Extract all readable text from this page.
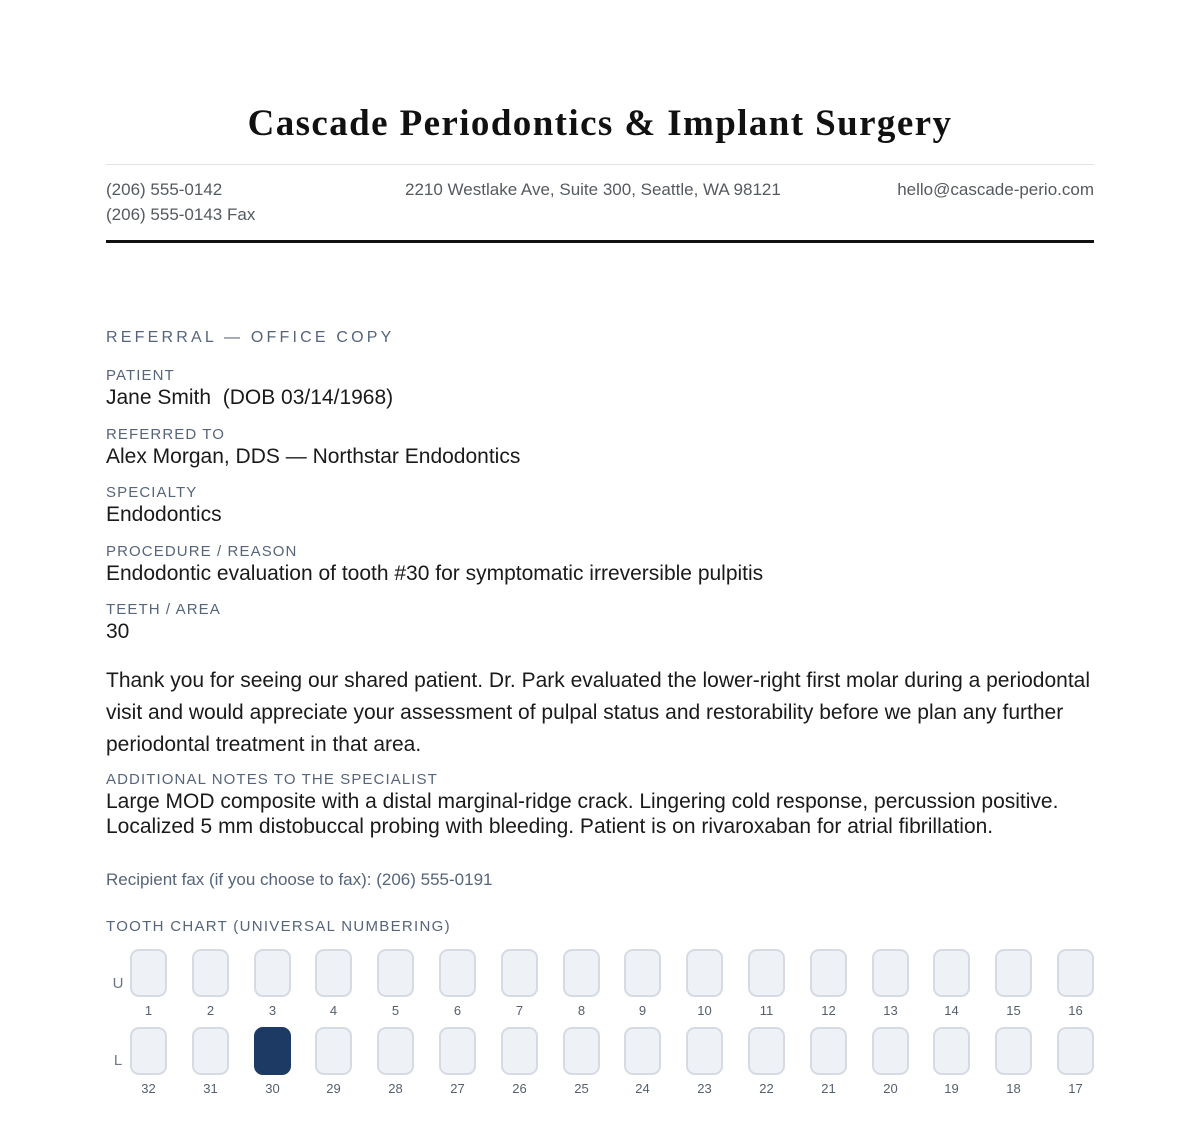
Cascade Periodontics & Implant Surgery
(206) 555-0142
(206) 555-0143 Fax
2210 Westlake Ave, Suite 300, Seattle, WA 98121	hello@cascade-perio.com
REFERRAL — OFFICE COPY
PATIENT
Jane Smith  (DOB 03/14/1968)
REFERRED TO
Alex Morgan, DDS — Northstar Endodontics
SPECIALTY
Endodontics
PROCEDURE / REASON
Endodontic evaluation of tooth #30 for symptomatic irreversible pulpitis
TEETH / AREA
30
Thank you for seeing our shared patient. Dr. Park evaluated the lower-right first molar during a periodontal visit and would appreciate your assessment of pulpal status and restorability before we plan any further periodontal treatment in that area.
ADDITIONAL NOTES TO THE SPECIALIST
Large MOD composite with a distal marginal-ridge crack. Lingering cold response, percussion positive.
Localized 5 mm distobuccal probing with bleeding. Patient is on rivaroxaban for atrial fibrillation.
Recipient fax (if you choose to fax): (206) 555-0191
TOOTH CHART (UNIVERSAL NUMBERING)
U
L
1	2	3	4	5	6	7	8	9	10	11	12	13	14	15	16
32	31	30	29	28	27	26	25	24	23	22	21	20	19	18	17
